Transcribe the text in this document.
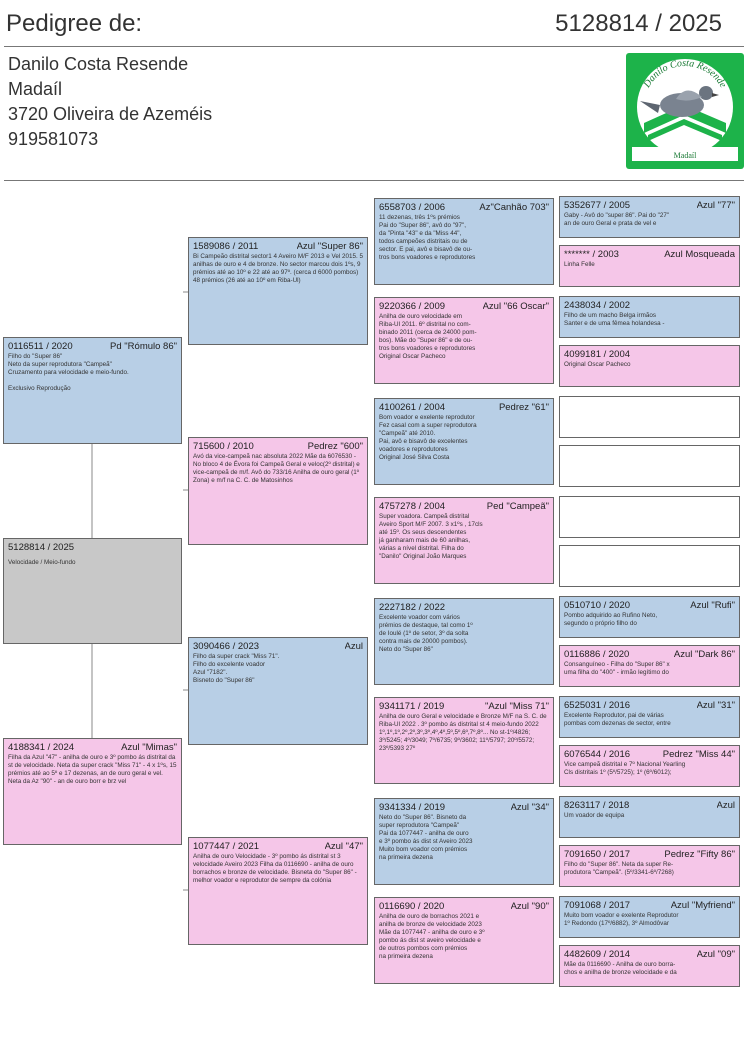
Pedigree de:	5128814 / 2025
Danilo Costa Resende
Madaíl
3720 Oliveira de Azeméis
919581073
Madaíl
Danilo Costa Resende
5128814 / 2025
Velocidade / Meio-fundo
0116511 / 2020	Pd "Rómulo 86"
Filho do "Super 86"
Neto da super reprodutora "Campeã"
Cruzamento para velocidade e meio-fundo.

Exclusivo Reprodução
4188341 / 2024	Azul "Mimas"
Filha da Azul "47" - anilha de ouro e 3º pombo ás distrital da st de velocidade. Neta da super crack "Miss 71" - 4 x 1ºs, 15 prémios até ao 5º e 17 dezenas, an de ouro geral e vel. Neta da Az "90" - an de ouro borr e brz vel
1589086 / 2011	Azul "Super 86"
Bi Campeão distrital sector1 4 Aveiro M/F 2013 e Vel 2015. 5 anilhas de ouro e 4 de bronze. No sector marcou dois 1ºs, 9 prémios até ao 10º e 22 até ao 97º. (cerca d 6000 pombos) 48 prémios (26 até ao 10º em Riba-Ul)
715600 / 2010	Pedrez "600"
Avó da vice-campeã nac absoluta 2022 Mãe da 6076530 - No bloco 4 de Évora foi Campeã Geral e veloc(2º distrital) e vice-campeã de m/f. Avô do 733/16 Anilha de ouro geral (1º Zona) e m/f na C. C. de Matosinhos
3090466 / 2023	Azul
Filho da super crack "Miss 71".
Filho do excelente voador
Azul "7182".
Bisneto do "Super 86"
1077447 / 2021	Azul "47"
Anilha de ouro Velocidade - 3º pombo ás distrital st 3 velocidade Aveiro 2023 Filha da 0116690 - anilha de ouro borrachos e bronze de velocidade. Bisneta do "Super 86" - melhor voador e reprodutor de sempre da colónia
6558703 / 2006	Az"Canhão 703"
11 dezenas, três 1ºs prémios
Pai do "Super 86", avô do "97",
da "Pinta "43" e da "Miss 44",
todos campeões distritais ou de
sector. E pai, avô e bisavô de ou-
tros bons voadores e reprodutores
9220366 / 2009	Azul "66 Oscar"
Anilha de ouro velocidade em
Riba-Ul 2011. 6º distrital no com-
binado 2011 (cerca de 24000 pom-
bos). Mãe do "Super 86" e de ou-
tros bons voadores e reprodutores
Original Oscar Pacheco
4100261 / 2004	Pedrez "61"
Bom voador e exelente reprodutor
Fez casal com a super reprodutora
"Campeã" até 2010.
Pai, avô e bisavô de excelentes
voadores e reprodutores
Original José Silva Costa
4757278 / 2004	Ped "Campeã"
Super voadora. Campeã distrital
Aveiro Sport M/F 2007. 3 x1ºs , 17cls
até 15º. Os seus descendentes
já ganharam mais de 60 anilhas,
várias a nível distrital. Filha do
"Danilo" Original João Marques
2227182 / 2022
Excelente voador com vários
prémios de destaque, tal como 1º
de Ioulé (1º de setor, 3º da solta
contra mais de 20000 pombos).
Neto do "Super 86"
9341171 / 2019	"Azul "Miss 71"
Anilha de ouro Geral e velocidade e Bronze M/F na S. C. de Riba-Ul 2022 . 3º pombo ás distrital st 4 meio-fundo 2022 1º,1º,1º,2º,2º,3º,3º,4º,4º,5º,5º,6º,7º,8º... No st-1º/4826; 3º/5245; 4º/3049; 7º/6735; 9º/3602; 11º/5797; 20º/5572; 23º/5393 27º
9341334 / 2019	Azul "34"
Neto do "Super 86". Bisneto da
super reprodutora "Campeã"
Pai da 1077447 - anilha de ouro
e 3º pombo ás dist st Aveiro 2023
Muito bom voador com prémios
na primeira dezena
0116690 / 2020	Azul "90"
Anilha de ouro de borrachos 2021 e
anilha de bronze de velocidade 2023
Mãe da 1077447 - anilha de ouro e 3º
pombo ás dist st aveiro velocidade e
de outros pombos com prémios
na primeira dezena
5352677 / 2005	Azul "77"
Gaby - Avô do "super 86". Pai do "27"
an de ouro Geral e prata de vel e
******* / 2003	Azul Mosqueada
Linha Felle
2438034 / 2002
Filho de um macho Belga irmãos
Santer e de uma fêmea holandesa -
4099181 / 2004
Original Oscar Pacheco
0510710 / 2020	Azul "Rufi"
Pombo adquirido ao Rufino Neto,
segundo o próprio filho do
0116886 / 2020	Azul "Dark 86"
Consanguíneo - Filha do "Super 86" x
uma filha do "400" - irmão legítimo do
6525031 / 2016	Azul "31"
Excelente Reprodutor, pai de várias
pombas com dezenas de sector, entre
6076544 / 2016	Pedrez "Miss 44"
Vice campeã distrital e 7º Nacional Yearling
Cls distritais 1º (5º/5725); 1º (6º/6012);
8263117 / 2018	Azul
Um voador de equipa
7091650 / 2017	Pedrez "Fifty 86"
Filho do "Super 86". Neta da super Re-
produtora "Campeã". (5º/3341-6º/7268)
7091068 / 2017	Azul "Myfriend"
Muito bom voador e exelente Reprodutor
1º Redondo (17º/6882), 3º Almodôvar
4482609 / 2014	Azul "09"
Mãe da 0116690 - Anilha de ouro borra-
chos e anilha de bronze velocidade e da
